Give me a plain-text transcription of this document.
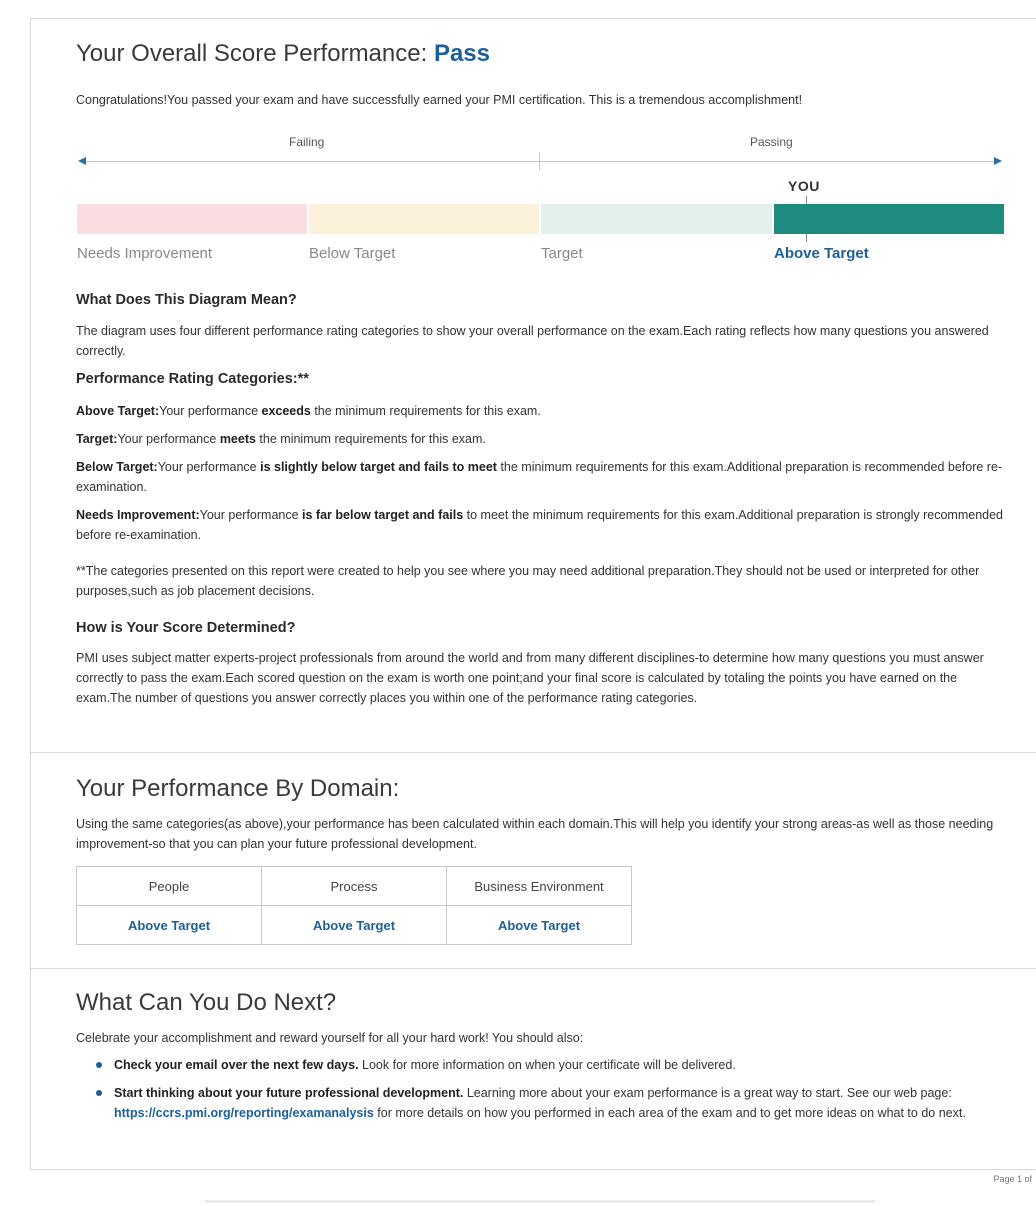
Your Overall Score Performance: Pass

Congratulations!You passed your exam and have successfully earned your PMI certification. This is a tremendous accomplishment!

Failing	Passing
YOU
Needs Improvement	Below Target	Target	Above Target
What Does This Diagram Mean?

The diagram uses four different performance rating categories to show your overall performance on the exam.Each rating reflects how many questions you answered correctly.

Performance Rating Categories:**

Above Target:Your performance exceeds the minimum requirements for this exam.

Target:Your performance meets the minimum requirements for this exam.

Below Target:Your performance is slightly below target and fails to meet the minimum requirements for this exam.Additional preparation is recommended before re-examination.

Needs Improvement:Your performance is far below target and fails to meet the minimum requirements for this exam.Additional preparation is strongly recommended before re-examination.

**The categories presented on this report were created to help you see where you may need additional preparation.They should not be used or interpreted for other purposes,such as job placement decisions.

How is Your Score Determined?

PMI uses subject matter experts-project professionals from around the world and from many different disciplines-to determine how many questions you must answer correctly to pass the exam.Each scored question on the exam is worth one point;and your final score is calculated by totaling the points you have earned on the exam.The number of questions you answer correctly places you within one of the performance rating categories.

Your Performance By Domain:

Using the same categories(as above),your performance has been calculated within each domain.This will help you identify your strong areas-as well as those needing improvement-so that you can plan your future professional development.

People	Process	Business Environment
Above Target	Above Target	Above Target
What Can You Do Next?

Celebrate your accomplishment and reward yourself for all your hard work! You should also:

Check your email over the next few days. Look for more information on when your certificate will be delivered.
Start thinking about your future professional development. Learning more about your exam performance is a great way to start. See our web page: https://ccrs.pmi.org/reporting/examanalysis for more details on how you performed in each area of the exam and to get more ideas on what to do next.
Page 1 of
